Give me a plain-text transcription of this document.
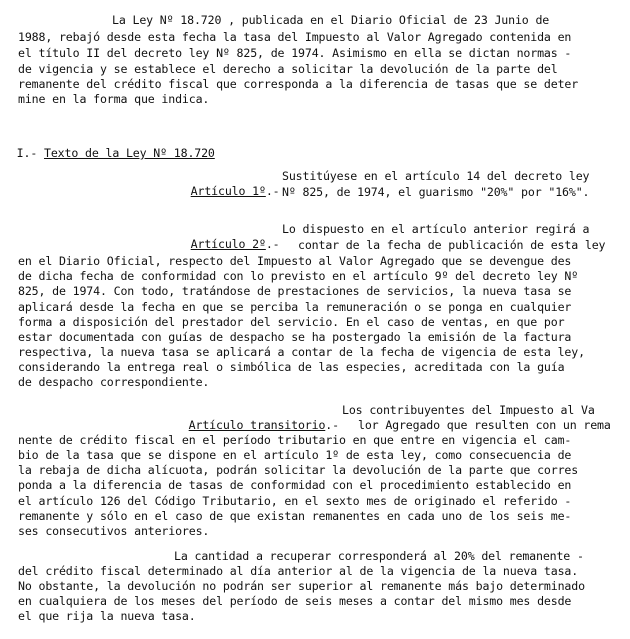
La Ley Nº 18.720 , publicada en el Diario Oficial de 23 Junio de
1988, rebajó desde esta fecha la tasa del Impuesto al Valor Agregado contenida en
el título II del decreto ley Nº 825, de 1974. Asimismo en ella se dictan normas -
de vigencia y se establece el derecho a solicitar la devolución de la parte del
remanente del crédito fiscal que corresponda a la diferencia de tasas que se deter
mine en la forma que indica.

I.- Texto de la Ley Nº 18.720

Artículo 1º.-

Sustitúyese en el artículo 14 del decreto ley
Nº 825, de 1974, el guarismo "20%" por "16%".

Artículo 2º.-

Lo dispuesto en el artículo anterior regirá a
contar de la fecha de publicación de esta ley
en el Diario Oficial, respecto del Impuesto al Valor Agregado que se devengue des
de dicha fecha de conformidad con lo previsto en el artículo 9º del decreto ley Nº
825, de 1974. Con todo, tratándose de prestaciones de servicios, la nueva tasa se
aplicará desde la fecha en que se perciba la remuneración o se ponga en cualquier
forma a disposición del prestador del servicio. En el caso de ventas, en que por
estar documentada con guías de despacho se ha postergado la emisión de la factura
respectiva, la nueva tasa se aplicará a contar de la fecha de vigencia de esta ley,
considerando la entrega real o simbólica de las especies, acreditada con la guía
de despacho correspondiente.

Artículo transitorio.-

Los contribuyentes del Impuesto al Va
lor Agregado que resulten con un rema
nente de crédito fiscal en el período tributario en que entre en vigencia el cam-
bio de la tasa que se dispone en el artículo 1º de esta ley, como consecuencia de
la rebaja de dicha alícuota, podrán solicitar la devolución de la parte que corres
ponda a la diferencia de tasas de conformidad con el procedimiento establecido en
el artículo 126 del Código Tributario, en el sexto mes de originado el referido -
remanente y sólo en el caso de que existan remanentes en cada uno de los seis me-
ses consecutivos anteriores.
La cantidad a recuperar corresponderá al 20% del remanente -
del crédito fiscal determinado al día anterior al de la vigencia de la nueva tasa.
No obstante, la devolución no podrán ser superior al remanente más bajo determinado
en cualquiera de los meses del período de seis meses a contar del mismo mes desde
el que rija la nueva tasa.
